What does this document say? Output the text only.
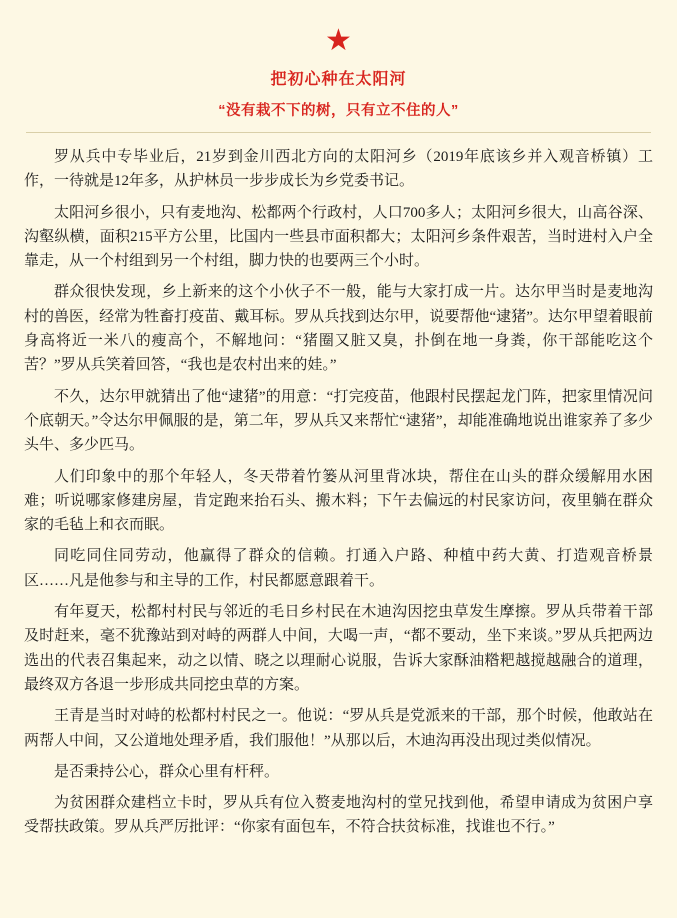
★
把初心种在太阳河
“没有栽不下的树，只有立不住的人”

罗从兵中专毕业后，21岁到金川西北方向的太阳河乡（2019年底该乡并入观音桥镇）工作，一待就是12年多，从护林员一步步成长为乡党委书记。

太阳河乡很小，只有麦地沟、松都两个行政村，人口700多人；太阳河乡很大，山高谷深、沟壑纵横，面积215平方公里，比国内一些县市面积都大；太阳河乡条件艰苦，当时进村入户全靠走，从一个村组到另一个村组，脚力快的也要两三个小时。

群众很快发现，乡上新来的这个小伙子不一般，能与大家打成一片。达尔甲当时是麦地沟村的兽医，经常为牲畜打疫苗、戴耳标。罗从兵找到达尔甲，说要帮他“逮猪”。达尔甲望着眼前身高将近一米八的瘦高个，不解地问：“猪圈又脏又臭，扑倒在地一身粪，你干部能吃这个苦？”罗从兵笑着回答，“我也是农村出来的娃。”

不久，达尔甲就猜出了他“逮猪”的用意：“打完疫苗，他跟村民摆起龙门阵，把家里情况问个底朝天。”令达尔甲佩服的是，第二年，罗从兵又来帮忙“逮猪”，却能准确地说出谁家养了多少头牛、多少匹马。

人们印象中的那个年轻人，冬天带着竹篓从河里背冰块，帮住在山头的群众缓解用水困难；听说哪家修建房屋，肯定跑来抬石头、搬木料；下午去偏远的村民家访问，夜里躺在群众家的毛毡上和衣而眠。

同吃同住同劳动，他赢得了群众的信赖。打通入户路、种植中药大黄、打造观音桥景区……凡是他参与和主导的工作，村民都愿意跟着干。

有年夏天，松都村村民与邻近的毛日乡村民在木迪沟因挖虫草发生摩擦。罗从兵带着干部及时赶来，毫不犹豫站到对峙的两群人中间，大喝一声，“都不要动，坐下来谈。”罗从兵把两边选出的代表召集起来，动之以情、晓之以理耐心说服，告诉大家酥油糌粑越搅越融合的道理，最终双方各退一步形成共同挖虫草的方案。

王青是当时对峙的松都村村民之一。他说：“罗从兵是党派来的干部，那个时候，他敢站在两帮人中间，又公道地处理矛盾，我们服他！”从那以后，木迪沟再没出现过类似情况。

是否秉持公心，群众心里有杆秤。

为贫困群众建档立卡时，罗从兵有位入赘麦地沟村的堂兄找到他，希望申请成为贫困户享受帮扶政策。罗从兵严厉批评：“你家有面包车，不符合扶贫标准，找谁也不行。”
